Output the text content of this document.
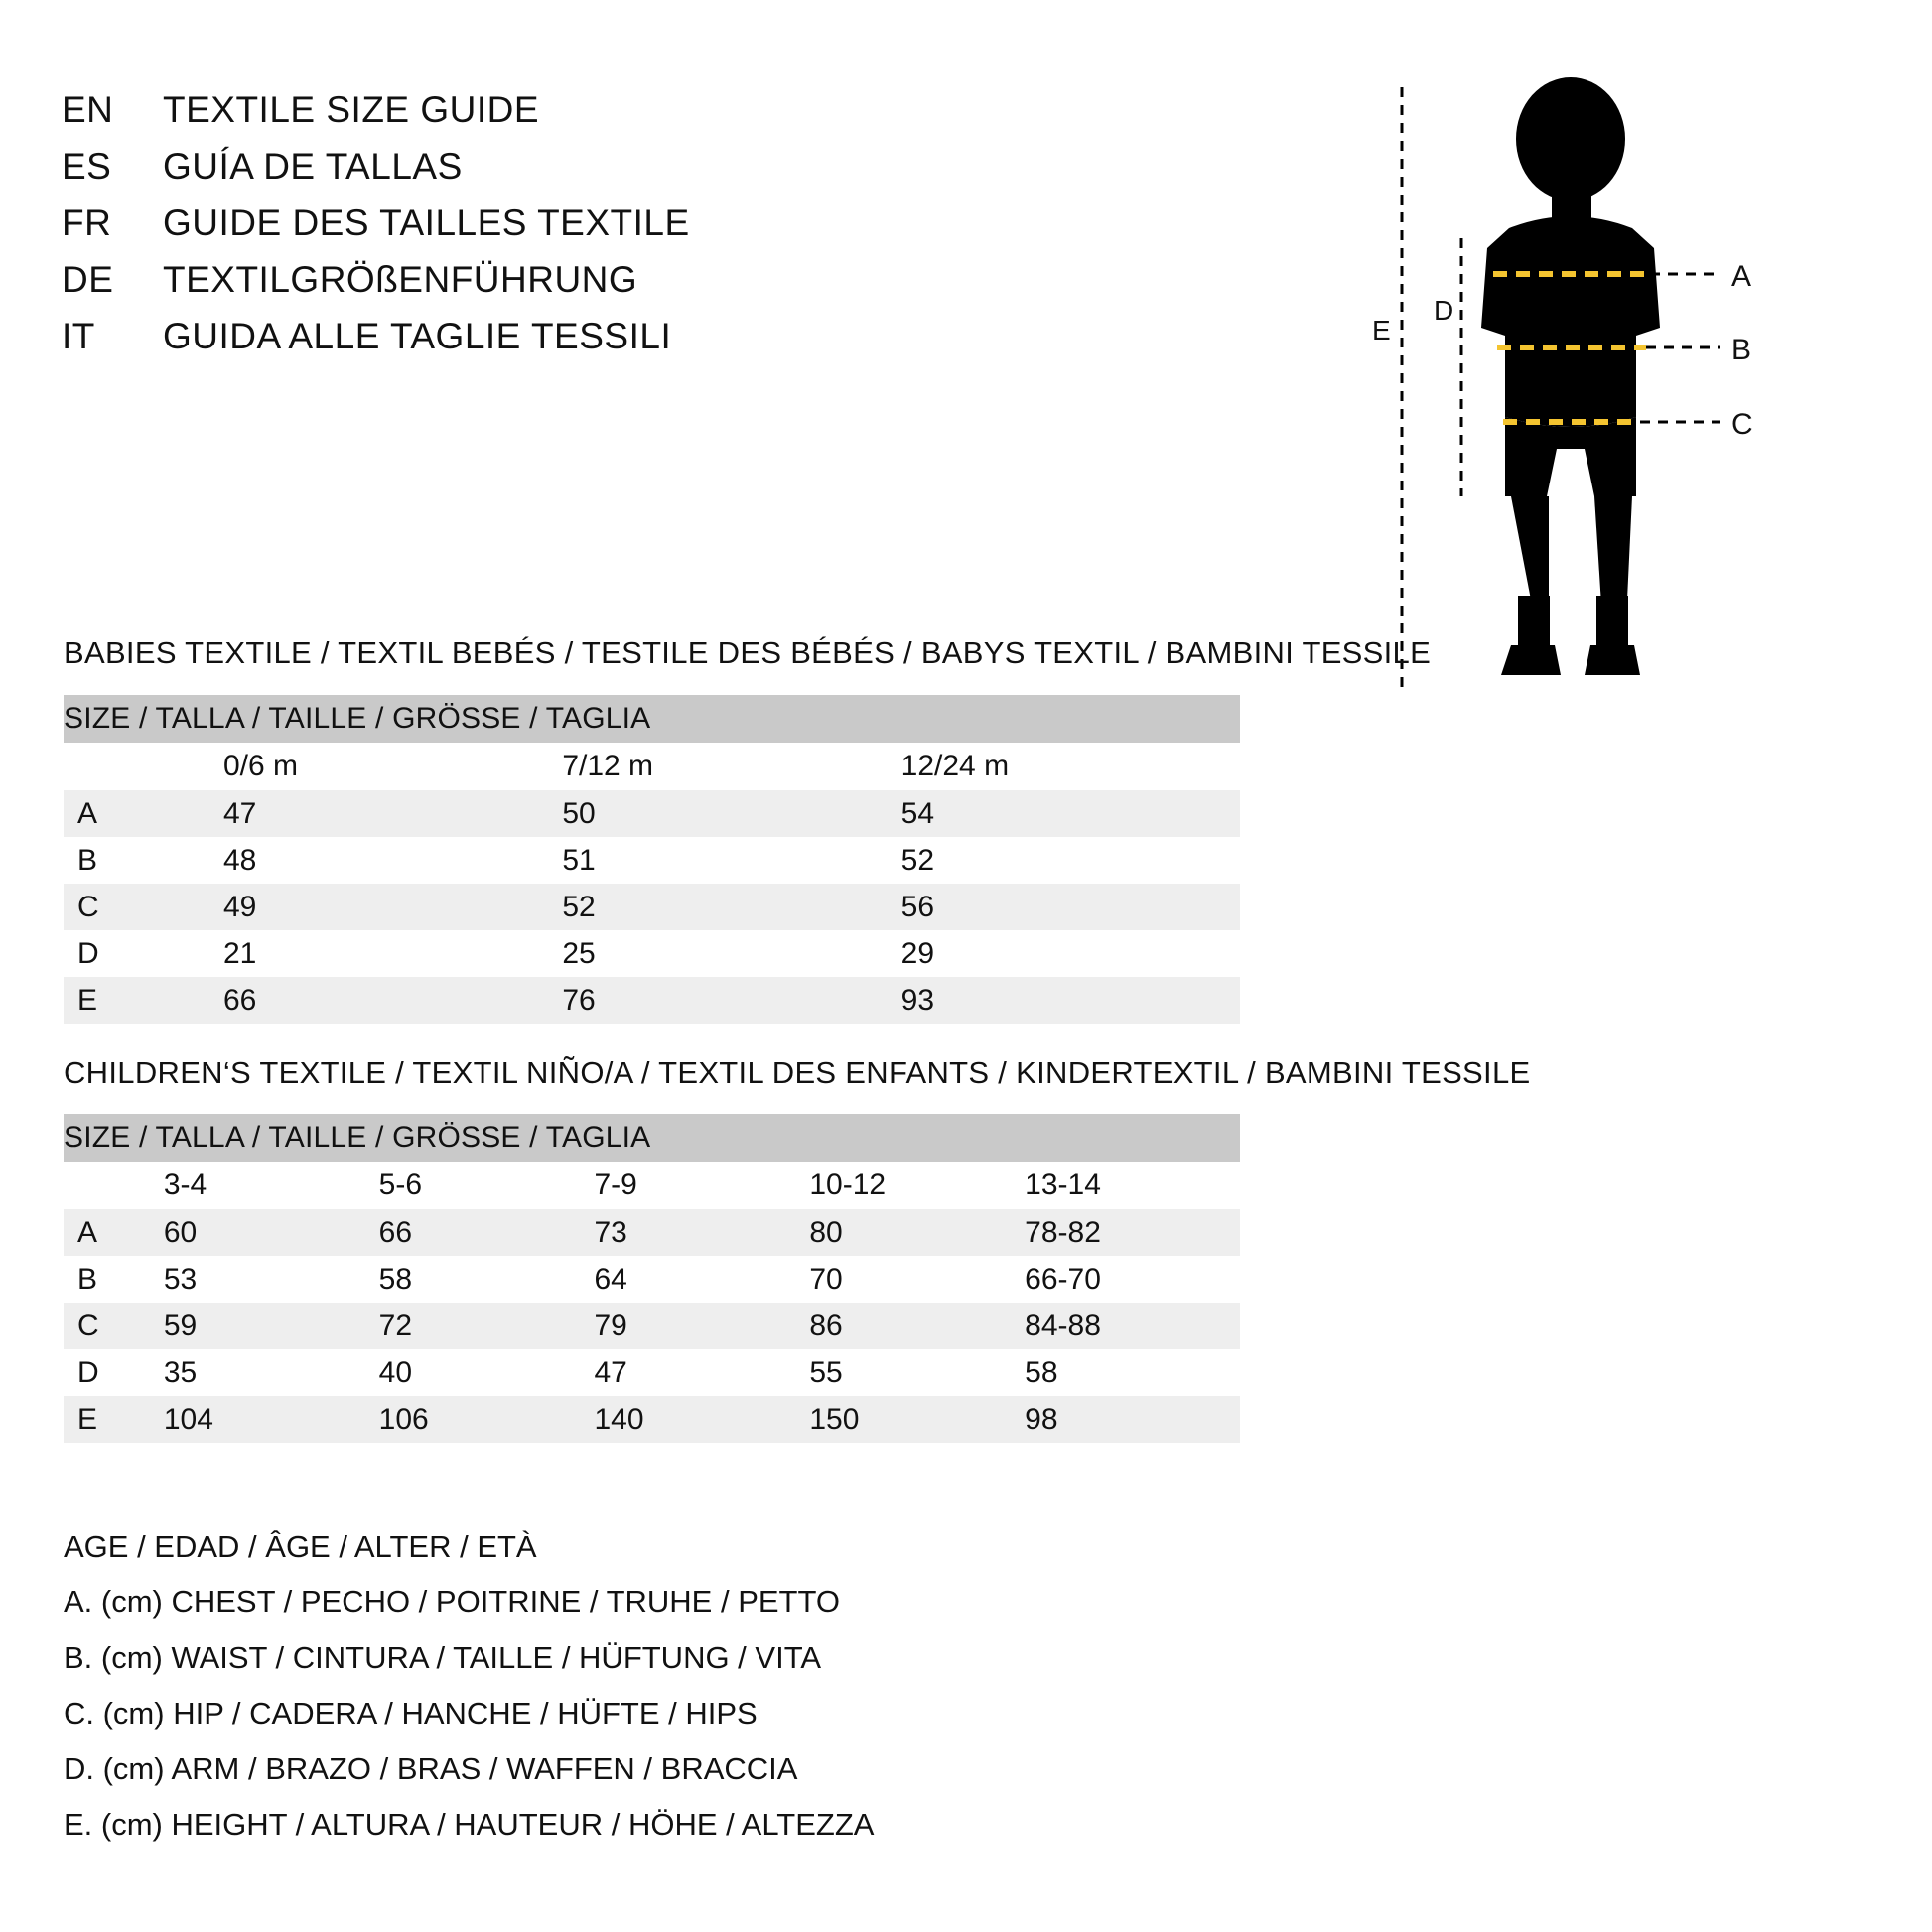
EN	TEXTILE SIZE GUIDE
ES	GUÍA DE TALLAS
FR	GUIDE DES TAILLES TEXTILE
DE	TEXTILGRÖßENFÜHRUNG
IT	GUIDA ALLE TAGLIE TESSILI
A
B
C
D
E
BABIES TEXTILE / TEXTIL BEBÉS / TESTILE DES BÉBÉS / BABYS TEXTIL / BAMBINI TESSILE
SIZE / TALLA / TAILLE / GRÖSSE / TAGLIA			
	0/6 m	7/12 m	12/24 m
A	47	50	54
B	48	51	52
C	49	52	56
D	21	25	29
E	66	76	93
CHILDREN‘S TEXTILE / TEXTIL NIÑO/A / TEXTIL DES ENFANTS / KINDERTEXTIL / BAMBINI TESSILE
SIZE / TALLA / TAILLE / GRÖSSE / TAGLIA					
	3-4	5-6	7-9	10-12	13-14
A	60	66	73	80	78-82
B	53	58	64	70	66-70
C	59	72	79	86	84-88
D	35	40	47	55	58
E	104	106	140	150	98
AGE / EDAD / ÂGE / ALTER / ETÀ
A. (cm) CHEST / PECHO / POITRINE / TRUHE / PETTO
B. (cm) WAIST / CINTURA / TAILLE / HÜFTUNG / VITA
C. (cm) HIP / CADERA / HANCHE / HÜFTE / HIPS
D. (cm) ARM / BRAZO / BRAS / WAFFEN / BRACCIA
E. (cm) HEIGHT / ALTURA / HAUTEUR / HÖHE / ALTEZZA
